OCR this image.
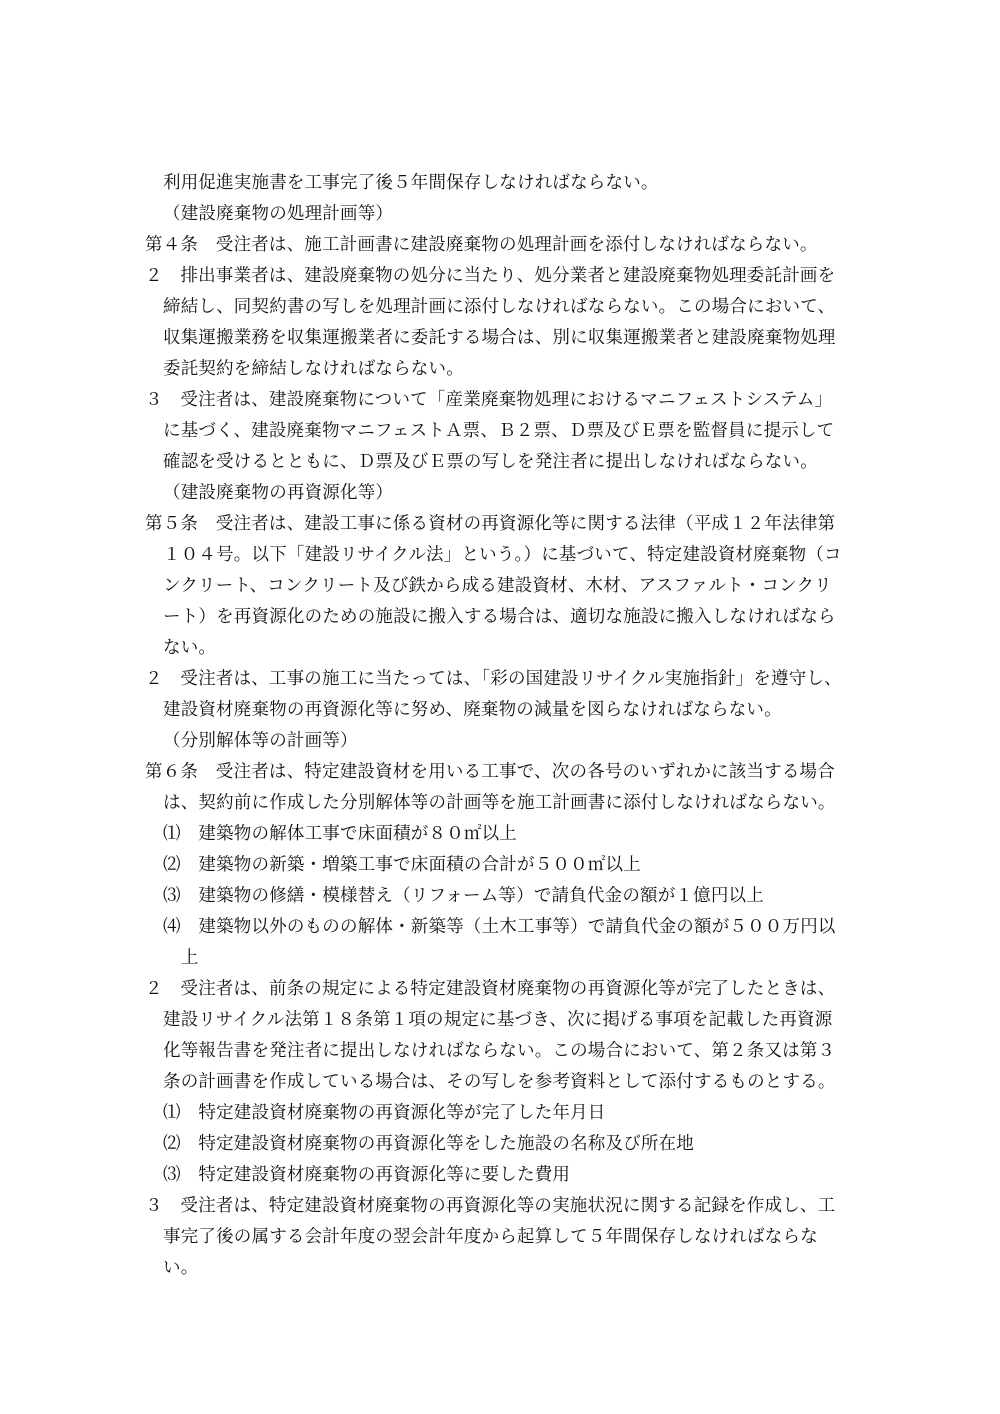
利用促進実施書を工事完了後５年間保存しなければならない。
（建設廃棄物の処理計画等）
第４条　受注者は、施工計画書に建設廃棄物の処理計画を添付しなければならない。
２　排出事業者は、建設廃棄物の処分に当たり、処分業者と建設廃棄物処理委託計画を
締結し、同契約書の写しを処理計画に添付しなければならない。この場合において、
収集運搬業務を収集運搬業者に委託する場合は、別に収集運搬業者と建設廃棄物処理
委託契約を締結しなければならない。
３　受注者は、建設廃棄物について「産業廃棄物処理におけるマニフェストシステム」
に基づく、建設廃棄物マニフェストＡ票、Ｂ２票、Ｄ票及びＥ票を監督員に提示して
確認を受けるとともに、Ｄ票及びＥ票の写しを発注者に提出しなければならない。
（建設廃棄物の再資源化等）
第５条　受注者は、建設工事に係る資材の再資源化等に関する法律（平成１２年法律第
１０４号。以下「建設リサイクル法」という。）に基づいて、特定建設資材廃棄物（コ
ンクリート、コンクリート及び鉄から成る建設資材、木材、アスファルト・コンクリ
ート）を再資源化のための施設に搬入する場合は、適切な施設に搬入しなければなら
ない。
２　受注者は、工事の施工に当たっては、「彩の国建設リサイクル実施指針」を遵守し、
建設資材廃棄物の再資源化等に努め、廃棄物の減量を図らなければならない。
（分別解体等の計画等）
第６条　受注者は、特定建設資材を用いる工事で、次の各号のいずれかに該当する場合
は、契約前に作成した分別解体等の計画等を施工計画書に添付しなければならない。
⑴　建築物の解体工事で床面積が８０㎡以上
⑵　建築物の新築・増築工事で床面積の合計が５００㎡以上
⑶　建築物の修繕・模様替え（リフォーム等）で請負代金の額が１億円以上
⑷　建築物以外のものの解体・新築等（土木工事等）で請負代金の額が５００万円以
上
２　受注者は、前条の規定による特定建設資材廃棄物の再資源化等が完了したときは、
建設リサイクル法第１８条第１項の規定に基づき、次に掲げる事項を記載した再資源
化等報告書を発注者に提出しなければならない。この場合において、第２条又は第３
条の計画書を作成している場合は、その写しを参考資料として添付するものとする。
⑴　特定建設資材廃棄物の再資源化等が完了した年月日
⑵　特定建設資材廃棄物の再資源化等をした施設の名称及び所在地
⑶　特定建設資材廃棄物の再資源化等に要した費用
３　受注者は、特定建設資材廃棄物の再資源化等の実施状況に関する記録を作成し、工
事完了後の属する会計年度の翌会計年度から起算して５年間保存しなければならな
い。
